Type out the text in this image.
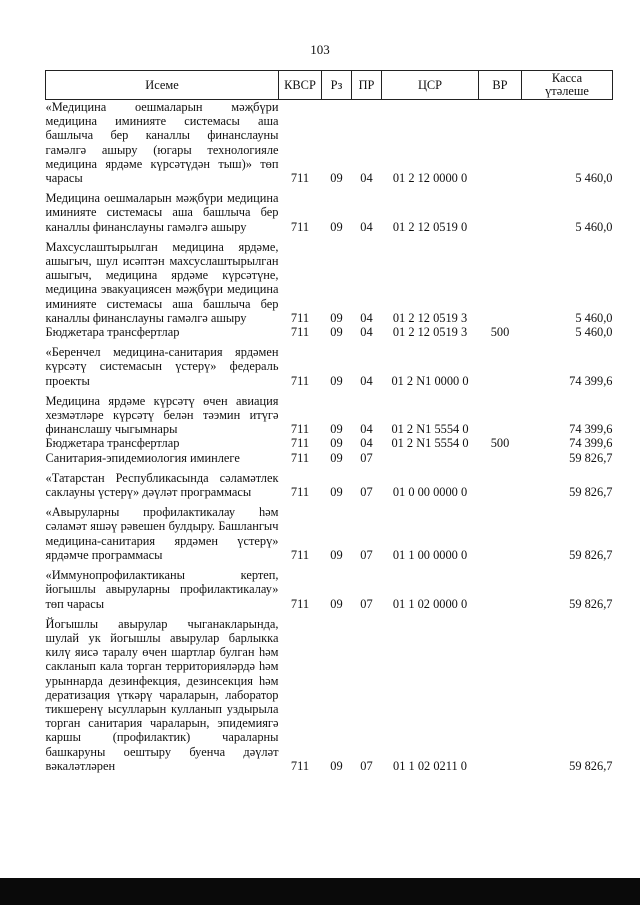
103
Исеме	КВСР	Рз	ПР	ЦСР	ВР	Касса
үтәлеше
«Медицина оешмаларын мәҗбүри медицина иминияте системасы аша башлыча бер каналлы финанслауны гамәлгә ашыру (югары технологияле медицина ярдәме күрсәтүдән тыш)» төп чарасы	711	09	04	01 2 12 0000 0		5 460,0

Медицина оешмаларын мәҗбүри медицина иминияте системасы аша башлыча бер каналлы финанслауны гамәлгә ашыру	711	09	04	01 2 12 0519 0		5 460,0

Махсуслаштырылган медицина ярдәме, ашыгыч, шул исәптән махсуслаштырылган ашыгыч, медицина ярдәме күрсәтүне, медицина эвакуациясен мәҗбүри медицина иминияте системасы аша башлыча бер каналлы финанслауны гамәлгә ашыру	711	09	04	01 2 12 0519 3		5 460,0
Бюджетара трансфертлар	711	09	04	01 2 12 0519 3	500	5 460,0

«Беренчел медицина-санитария ярдәмен күрсәтү системасын үстерү» федераль проекты	711	09	04	01 2 N1 0000 0		74 399,6

Медицина ярдәме күрсәтү өчен авиация хезмәтләре күрсәтү белән тәэмин итүгә финанслашу чыгымнары	711	09	04	01 2 N1 5554 0		74 399,6
Бюджетара трансфертлар	711	09	04	01 2 N1 5554 0	500	74 399,6
Санитария-эпидемиология иминлеге	711	09	07			59 826,7

«Татарстан Республикасында сәламәтлек саклауны үстерү» дәүләт программасы	711	09	07	01 0 00 0000 0		59 826,7

«Авыруларны профилактикалау һәм сәламәт яшәү рәвешен булдыру. Башлангыч медицина-санитария ярдәмен үстерү» ярдәмче программасы	711	09	07	01 1 00 0000 0		59 826,7

«Иммунопрофилактиканы кертеп, йогышлы авыруларны профилактикалау» төп чарасы	711	09	07	01 1 02 0000 0		59 826,7

Йогышлы авырулар чыганакларында, шулай ук йогышлы авырулар барлыкка килү яисә таралу өчен шартлар булган һәм сакланып кала торган территорияләрдә һәм урыннарда дезинфекция, дезинсекция һәм дератизация үткәрү чараларын, лаборатор тикшеренү ысулларын кулланып уздырыла торган санитария чараларын, эпидемиягә каршы (профилактик) чараларны башкаруны оештыру буенча дәүләт вәкаләтләрен	711	09	07	01 1 02 0211 0		59 826,7
